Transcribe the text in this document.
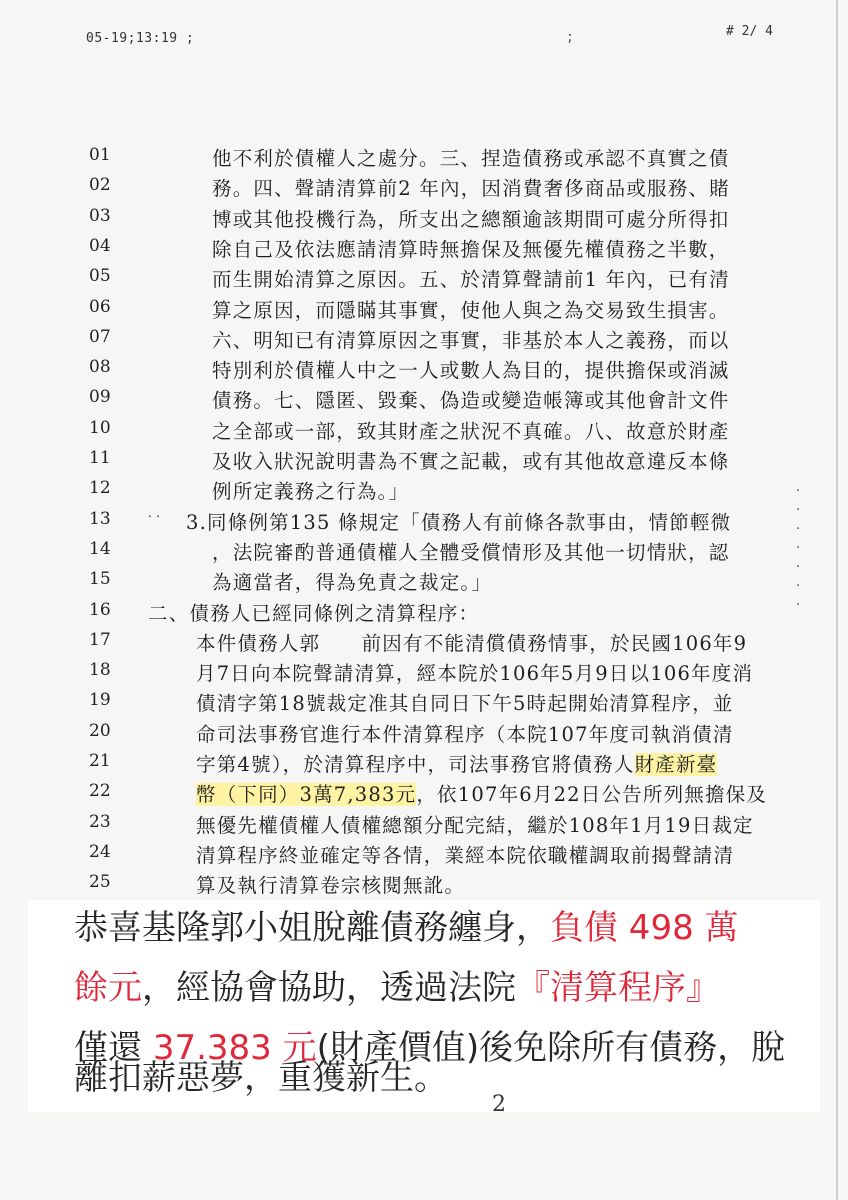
05-19;13:19 ;	;	# 2/ 4
01	他不利於債權人之處分。三、捏造債務或承認不真實之債
02	務。四、聲請清算前2 年內，因消費奢侈商品或服務、賭
03	博或其他投機行為，所支出之總額逾該期間可處分所得扣
04	除自己及依法應請清算時無擔保及無優先權債務之半數，
05	而生開始清算之原因。五、於清算聲請前1 年內，已有清
06	算之原因，而隱瞞其事實，使他人與之為交易致生損害。
07	六、明知已有清算原因之事實，非基於本人之義務，而以
08	特別利於債權人中之一人或數人為目的，提供擔保或消滅
09	債務。七、隱匿、毀棄、偽造或變造帳簿或其他會計文件
10	之全部或一部，致其財產之狀況不真確。八、故意於財產
11	及收入狀況說明書為不實之記載，或有其他故意違反本條
12	例所定義務之行為。」
13	3.同條例第135 條規定「債務人有前條各款事由，情節輕微
⸱ ⸱
14	，法院審酌普通債權人全體受償情形及其他一切情狀，認
15	為適當者，得為免責之裁定。」
16 二、債務人已經同條例之清算程序：
17	本件債務人郭　　前因有不能清償債務情事，於民國106年9
18	月7日向本院聲請清算，經本院於106年5月9日以106年度消
19	債清字第18號裁定准其自同日下午5時起開始清算程序，並
20	命司法事務官進行本件清算程序（本院107年度司執消債清
21	字第4號），於清算程序中，司法事務官將債務人財產新臺
22	幣（下同）3萬7,383元，依107年6月22日公告所列無擔保及
23	無優先權債權人債權總額分配完結，繼於108年1月19日裁定
24	清算程序終並確定等各情，業經本院依職權調取前揭聲請清
25	算及執行清算卷宗核閱無訛。
·
·
·
·
·
·
·
恭喜基隆郭小姐脫離債務纏身，負債 498 萬
餘元，經協會協助，透過法院『清算程序』
僅還 37.383 元(財產價值)後免除所有債務，脫
離扣薪惡夢，重獲新生。
2
